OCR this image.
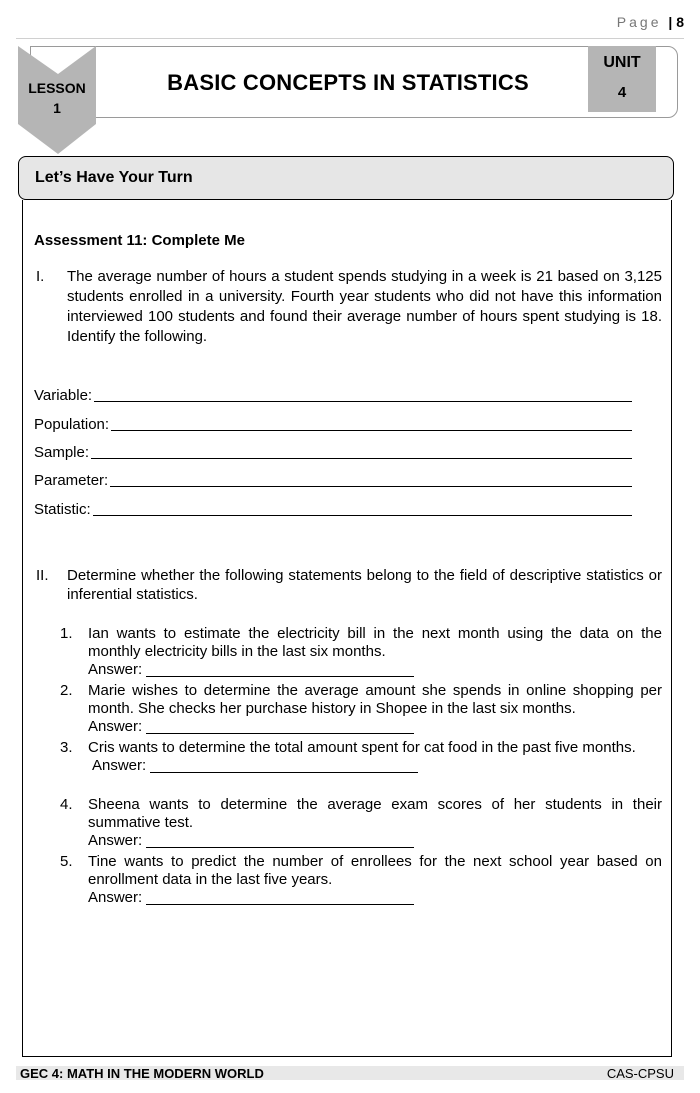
Page | 8
LESSON
1
BASIC CONCEPTS IN STATISTICS
UNIT
4
Let’s Have Your Turn
Assessment 11: Complete Me
I.	The average number of hours a student spends studying in a week is 21 based on 3,125 students enrolled in a university. Fourth year students who did not have this information interviewed 100 students and found their average number of hours spent studying is 18. Identify the following.
Variable:
Population:
Sample:
Parameter:
Statistic:
II.	Determine whether the following statements belong to the field of descriptive statistics or inferential statistics.
1.	Ian wants to estimate the electricity bill in the next month using the data on the monthly electricity bills in the last six months.
Answer:
2.	Marie wishes to determine the average amount she spends in online shopping per month. She checks her purchase history in Shopee in the last six months.
Answer:
3.	Cris wants to determine the total amount spent for cat food in the past five months.
Answer:
4.	Sheena wants to determine the average exam scores of her students in their summative test.
Answer:
5.	Tine wants to predict the number of enrollees for the next school year based on enrollment data in the last five years.
Answer:
GEC 4: MATH IN THE MODERN WORLD	CAS-CPSU
